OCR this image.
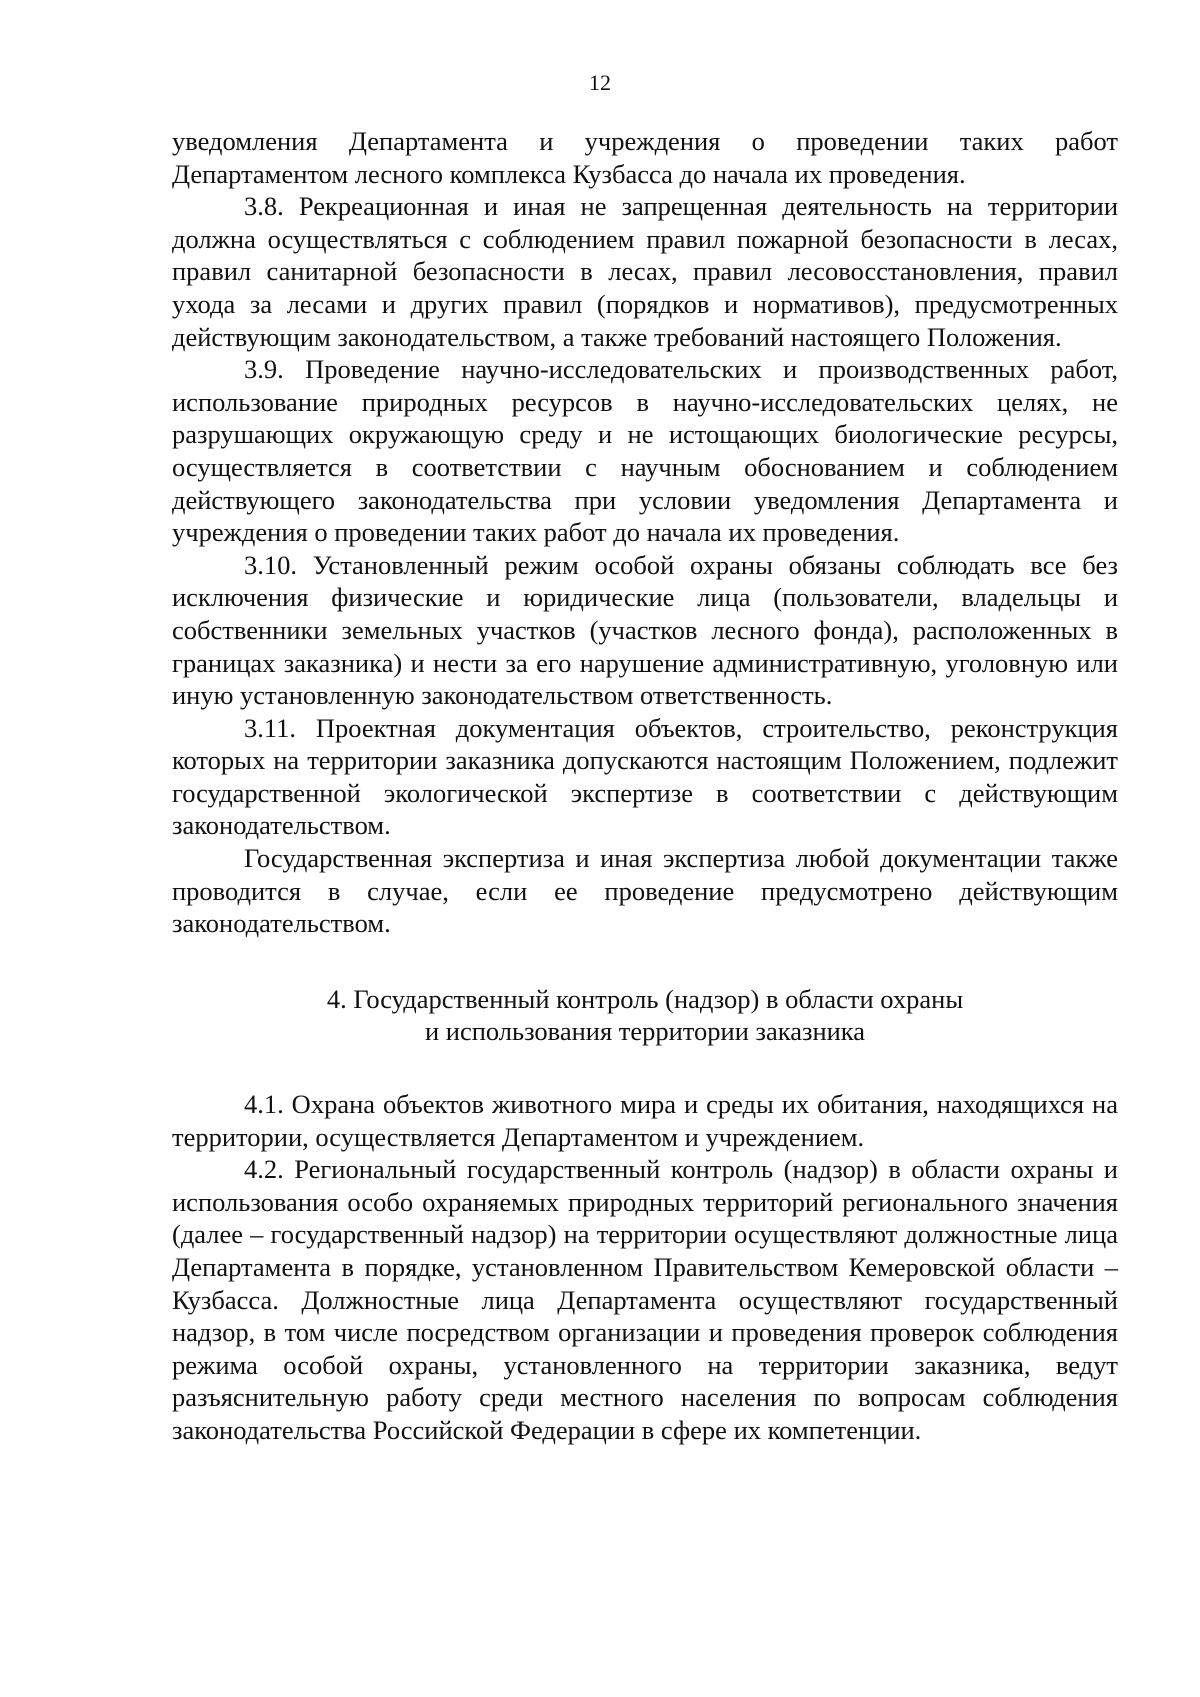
12

уведомления Департамента и учреждения о проведении таких работ Департаментом лесного комплекса Кузбасса до начала их проведения.

3.8. Рекреационная и иная не запрещенная деятельность на территории должна осуществляться с соблюдением правил пожарной безопасности в лесах, правил санитарной безопасности в лесах, правил лесовосстановления, правил ухода за лесами и других правил (порядков и нормативов), предусмотренных действующим законодательством, а также требований настоящего Положения.

3.9. Проведение научно-исследовательских и производственных работ, использование природных ресурсов в научно-исследовательских целях, не разрушающих окружающую среду и не истощающих биологические ресурсы, осуществляется в соответствии с научным обоснованием и соблюдением действующего законодательства при условии уведомления Департамента и учреждения о проведении таких работ до начала их проведения.

3.10. Установленный режим особой охраны обязаны соблюдать все без исключения физические и юридические лица (пользователи, владельцы и собственники земельных участков (участков лесного фонда), расположенных в границах заказника) и нести за его нарушение административную, уголовную или иную установленную законодательством ответственность.

3.11. Проектная документация объектов, строительство, реконструкция которых на территории заказника допускаются настоящим Положением, подлежит государственной экологической экспертизе в соответствии с действующим законодательством.

Государственная экспертиза и иная экспертиза любой документации также проводится в случае, если ее проведение предусмотрено действующим законодательством.

4. Государственный контроль (надзор) в области охраны
и использования территории заказника

4.1. Охрана объектов животного мира и среды их обитания, находящихся на территории, осуществляется Департаментом и учреждением.

4.2. Региональный государственный контроль (надзор) в области охраны и использования особо охраняемых природных территорий регионального значения (далее – государственный надзор) на территории осуществляют должностные лица Департамента в порядке, установленном Правительством Кемеровской области – Кузбасса. Должностные лица Департамента осуществляют государственный надзор, в том числе посредством организации и проведения проверок соблюдения режима особой охраны, установленного на территории заказника, ведут разъяснительную работу среди местного населения по вопросам соблюдения законодательства Российской Федерации в сфере их компетенции.
